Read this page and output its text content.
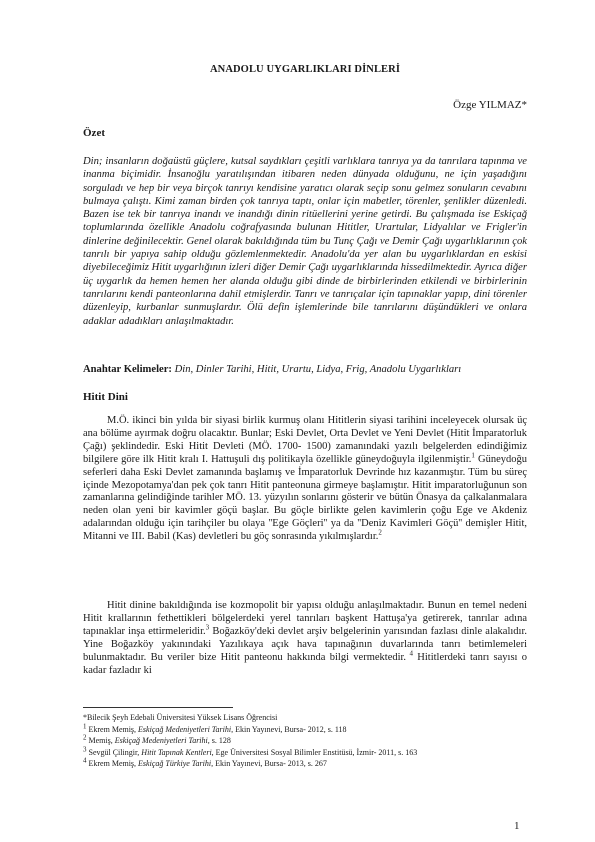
ANADOLU UYGARLIKLARI DİNLERİ
Özge YILMAZ*
Özet
Din; insanların doğaüstü güçlere, kutsal saydıkları çeşitli varlıklara tanrıya ya da tanrılara tapınma ve inanma biçimidir. İnsanoğlu yaratılışından itibaren neden dünyada olduğunu, ne için yaşadığını sorguladı ve hep bir veya birçok tanrıyı kendisine yaratıcı olarak seçip sonu gelmez sonuların cevabını bulmaya çalıştı. Kimi zaman birden çok tanrıya taptı, onlar için mabetler, törenler, şenlikler düzenledi. Bazen ise tek bir tanrıya inandı ve inandığı dinin ritüellerini yerine getirdi. Bu çalışmada ise Eskiçağ toplumlarında özellikle Anadolu coğrafyasında bulunan Hititler, Urartular, Lidyalılar ve Frigler'in dinlerine değinilecektir. Genel olarak bakıldığında tüm bu Tunç Çağı ve Demir Çağı uygarlıklarının çok tanrılı bir yapıya sahip olduğu gözlemlenmektedir. Anadolu'da yer alan bu uygarlıklardan en eskisi diyebileceğimiz Hitit uygarlığının izleri diğer Demir Çağı uygarlıklarında hissedilmektedir. Ayrıca diğer üç uygarlık da hemen hemen her alanda olduğu gibi dinde de birbirlerinden etkilendi ve birbirlerinin tanrılarını kendi panteonlarına dahil etmişlerdir. Tanrı ve tanrıçalar için tapınaklar yapıp, dini törenler düzenleyip, kurbanlar sunmuşlardır. Ölü defin işlemlerinde bile tanrılarını düşündükleri ve onlara adaklar adadıkları anlaşılmaktadır.
Anahtar Kelimeler: Din, Dinler Tarihi, Hitit, Urartu, Lidya, Frig, Anadolu Uygarlıkları
Hitit Dini

M.Ö. ikinci bin yılda bir siyasi birlik kurmuş olanı Hititlerin siyasi tarihini inceleyecek olursak üç ana bölüme ayırmak doğru olacaktır. Bunlar; Eski Devlet, Orta Devlet ve Yeni Devlet (Hitit İmparatorluk Çağı) şeklindedir. Eski Hitit Devleti (MÖ. 1700- 1500) zamanındaki yazılı belgelerden edindiğimiz bilgilere göre ilk Hitit kralı I. Hattuşuli dış politikayla özellikle güneydoğuyla ilgilenmiştir.$^1$ Güneydoğu seferleri daha Eski Devlet zamanında başlamış ve İmparatorluk Devrinde hız kazanmıştır. Tüm bu süreç içinde Mezopotamya'dan pek çok tanrı Hitit panteonuna girmeye başlamıştır. Hitit imparatorluğunun son zamanlarına gelindiğinde tarihler MÖ. 13. yüzyılın sonlarını gösterir ve bütün Önasya da çalkalanmalara neden olan yeni bir kavimler göçü başlar. Bu göçle birlikte gelen kavimlerin çoğu Ege ve Akdeniz adalarından olduğu için tarihçiler bu olaya ''Ege Göçleri'' ya da ''Deniz Kavimleri Göçü'' demişler Hitit, Mitanni ve III. Babil (Kas) devletleri bu göç sonrasında yıkılmışlardır.$^2$

Hitit dinine bakıldığında ise kozmopolit bir yapısı olduğu anlaşılmaktadır. Bunun en temel nedeni Hitit krallarının fethettikleri bölgelerdeki yerel tanrıları başkent Hattuşa'ya getirerek, tanrılar adına tapınaklar inşa ettirmeleridir.$^3$ Boğazköy'deki devlet arşiv belgelerinin yarısından fazlası dinle alakalıdır. Yine Boğazköy yakınındaki Yazılıkaya açık hava tapınağının duvarlarında tanrı betimlemeleri bulunmaktadır. Bu veriler bize Hitit panteonu hakkında bilgi vermektedir. $^4$ Hititlerdeki tanrı sayısı o kadar fazladır ki

*Bilecik Şeyh Edebali Üniversitesi Yüksek Lisans Öğrencisi
$^1$ Ekrem Memiş, Eskiçağ Medeniyetleri Tarihi, Ekin Yayınevi, Bursa- 2012, s. 118
$^2$ Memiş, Eskiçağ Medeniyetleri Tarihi, s. 128
$^3$ Sevgül Çilingir, Hitit Tapınak Kentleri, Ege Üniversitesi Sosyal Bilimler Enstitüsü, İzmir- 2011, s. 163
$^4$ Ekrem Memiş, Eskiçağ Türkiye Tarihi, Ekin Yayınevi, Bursa- 2013, s. 267
1
